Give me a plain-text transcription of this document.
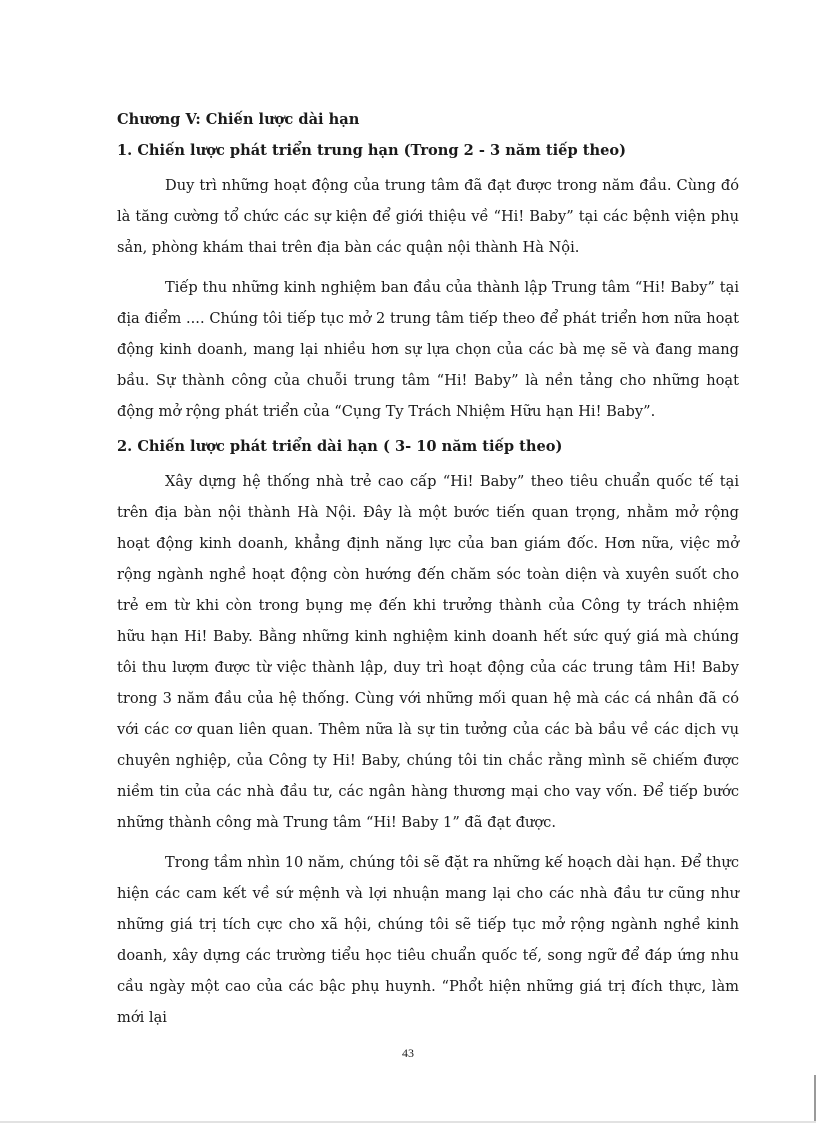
Chương V: Chiến lược dài hạn
1. Chiến lược phát triển trung hạn (Trong 2 - 3 năm tiếp theo)

Duy trì những hoạt động của trung tâm đã đạt được trong năm đầu. Cùng đó là tăng cường tổ chức các sự kiện để giới thiệu về “Hi! Baby” tại các bệnh viện phụ sản, phòng khám thai trên địa bàn các quận nội thành Hà Nội.

Tiếp thu những kinh nghiệm ban đầu của thành lập Trung tâm “Hi! Baby” tại địa điểm .... Chúng tôi tiếp tục mở 2 trung tâm tiếp theo để phát triển hơn nữa hoạt động kinh doanh, mang lại nhiều hơn sự lựa chọn của các bà mẹ sẽ và đang mang bầu. Sự thành công của chuỗi trung tâm “Hi! Baby” là nền tảng cho những hoạt động mở rộng phát triển của “Cụng Ty Trách Nhiệm Hữu hạn Hi! Baby”.

2. Chiến lược phát triển dài hạn ( 3- 10 năm tiếp theo)

Xây dựng hệ thống nhà trẻ cao cấp “Hi! Baby” theo tiêu chuẩn quốc tế tại trên địa bàn nội thành Hà Nội. Đây là một bước tiến quan trọng, nhằm mở rộng hoạt động kinh doanh, khẳng định năng lực của ban giám đốc. Hơn nữa, việc mở rộng ngành nghề hoạt động còn hướng đến chăm sóc toàn diện và xuyên suốt cho trẻ em từ khi còn trong bụng mẹ đến khi trưởng thành của Công ty trách nhiệm hữu hạn Hi! Baby. Bằng những kinh nghiệm kinh doanh hết sức quý giá mà chúng tôi thu lượm được từ việc thành lập, duy trì hoạt động của các trung tâm Hi! Baby trong 3 năm đầu của hệ thống. Cùng với những mối quan hệ mà các cá nhân đã có với các cơ quan liên quan. Thêm nữa là sự tin tưởng của các bà bầu về các dịch vụ chuyên nghiệp, của Công ty Hi! Baby, chúng tôi tin chắc rằng mình sẽ chiếm được niềm tin của các nhà đầu tư, các ngân hàng thương mại cho vay vốn. Để tiếp bước những thành công mà Trung tâm “Hi! Baby 1” đã đạt được.

Trong tầm nhìn 10 năm, chúng tôi sẽ đặt ra những kế hoạch dài hạn. Để thực hiện các cam kết về sứ mệnh và lợi nhuận mang lại cho các nhà đầu tư cũng như những giá trị tích cực cho xã hội, chúng tôi sẽ tiếp tục mở rộng ngành nghề kinh doanh, xây dựng các trường tiểu học tiêu chuẩn quốc tế, song ngữ để đáp ứng nhu cầu ngày một cao của các bậc phụ huynh. “Phổt hiện những giá trị đích thực, làm mới lại

43
